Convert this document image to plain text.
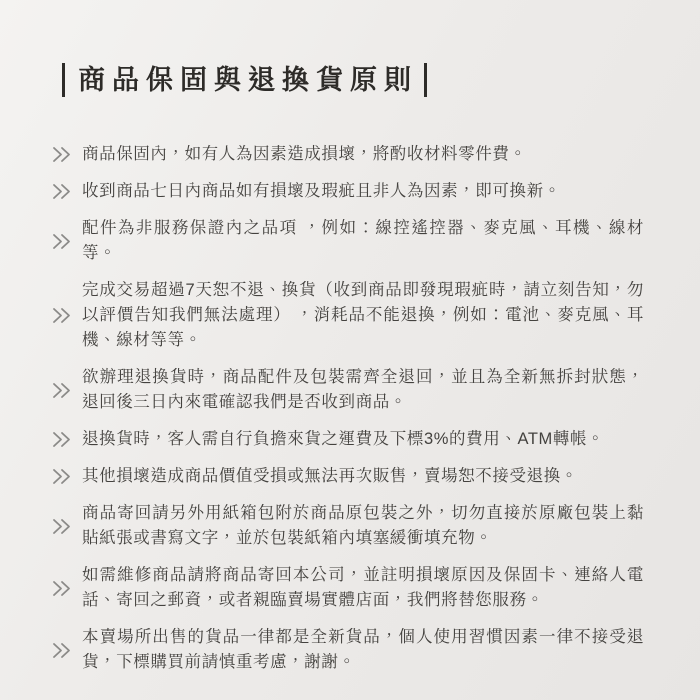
商品保固與退換貨原則

商品保固內，如有人為因素造成損壞，將酌收材料零件費。

收到商品七日內商品如有損壞及瑕疵且非人為因素，即可換新。

配件為非服務保證內之品項 ，例如：線控遙控器、麥克風、耳機、線材等。

完成交易超過7天恕不退、換貨（收到商品即發現瑕疵時，請立刻告知，勿以評價告知我們無法處理） ，消耗品不能退換，例如：電池、麥克風、耳機、線材等等。

欲辦理退換貨時，商品配件及包裝需齊全退回，並且為全新無拆封狀態，退回後三日內來電確認我們是否收到商品。

退換貨時，客人需自行負擔來貨之運費及下標3%的費用、ATM轉帳。

其他損壞造成商品價值受損或無法再次販售，賣場恕不接受退換。

商品寄回請另外用紙箱包附於商品原包裝之外，切勿直接於原廠包裝上黏貼紙張或書寫文字，並於包裝紙箱內填塞緩衝填充物。

如需維修商品請將商品寄回本公司，並註明損壞原因及保固卡、連絡人電話、寄回之郵資，或者親臨賣場實體店面，我們將替您服務。

本賣場所出售的貨品一律都是全新貨品，個人使用習慣因素一律不接受退貨，下標購買前請慎重考慮，謝謝。
